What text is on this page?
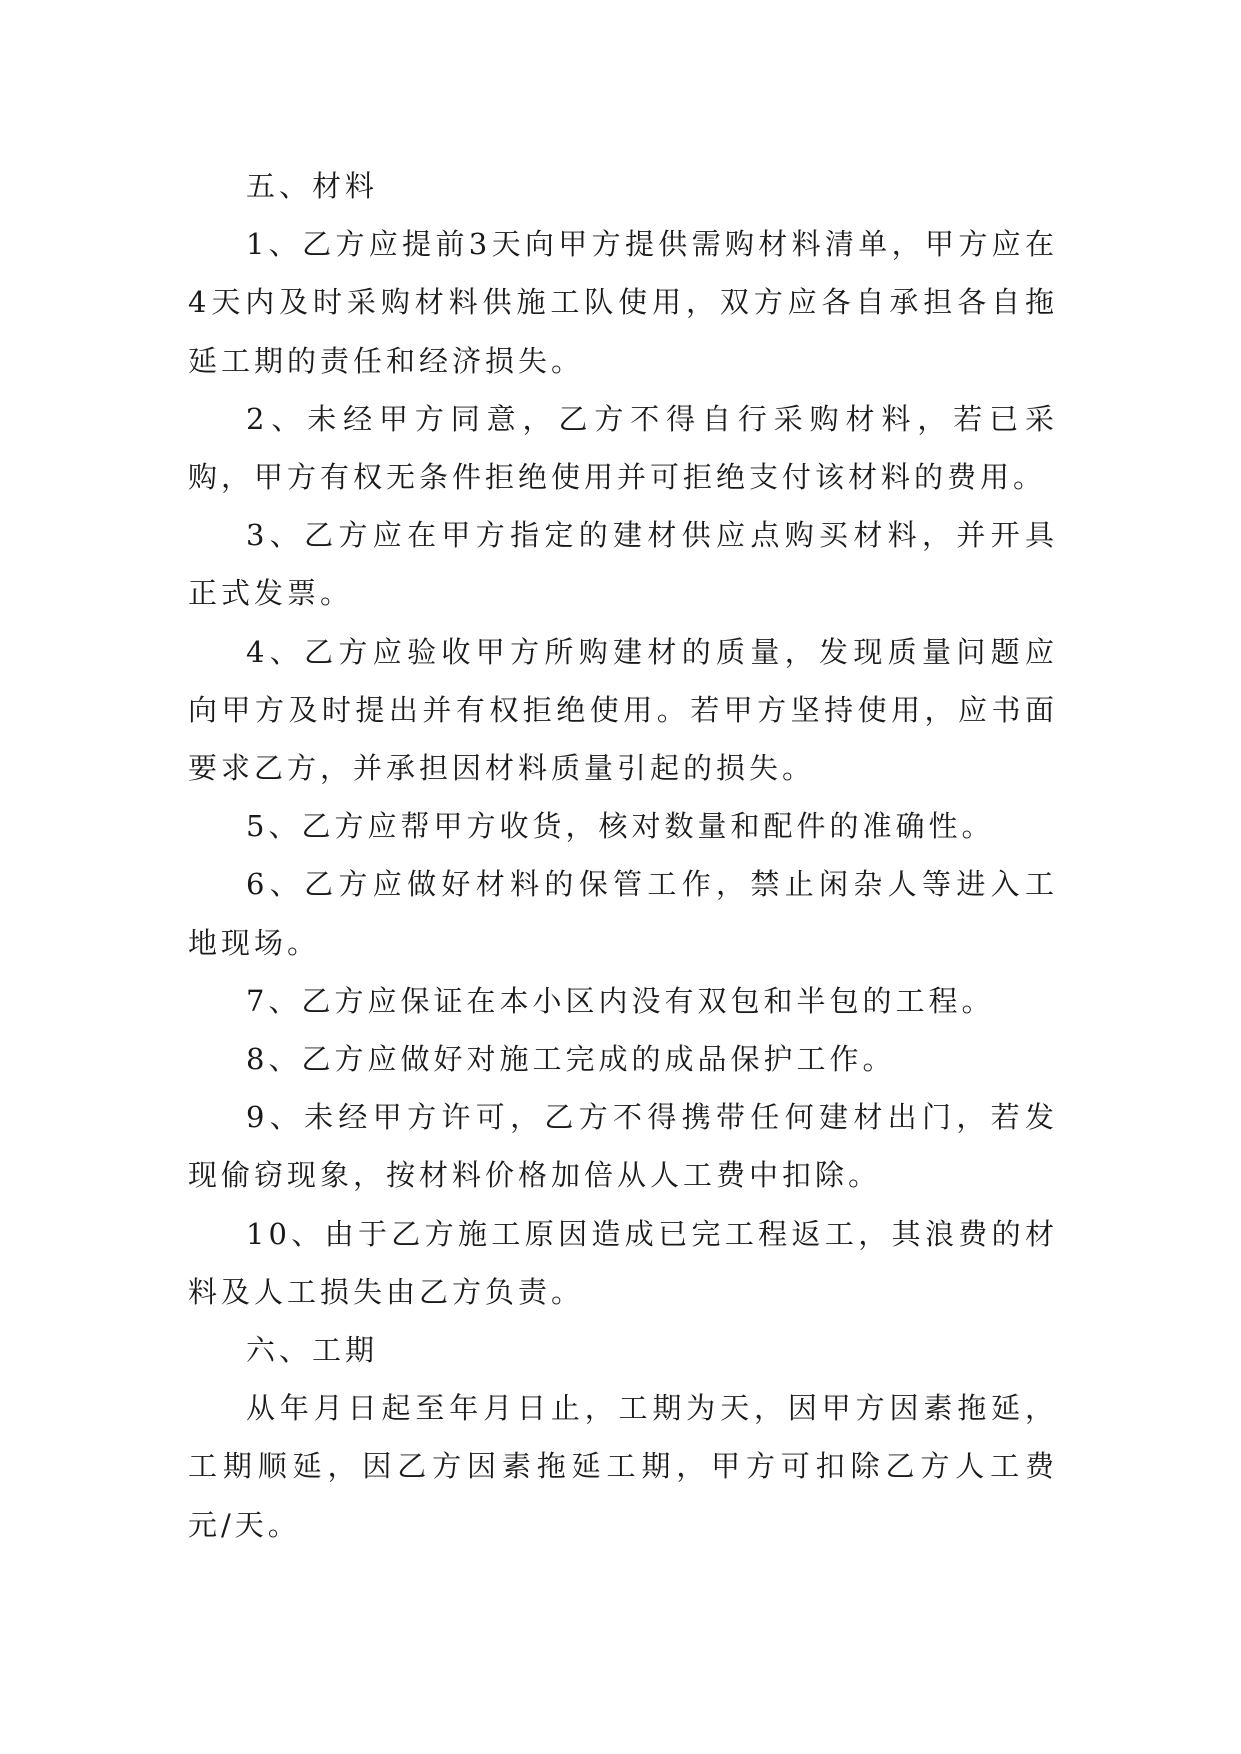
五、材料

1、乙方应提前3天向甲方提供需购材料清单，甲方应在4天内及时采购材料供施工队使用，双方应各自承担各自拖延工期的责任和经济损失。

2、未经甲方同意，乙方不得自行采购材料，若已采购，甲方有权无条件拒绝使用并可拒绝支付该材料的费用。

3、乙方应在甲方指定的建材供应点购买材料，并开具正式发票。

4、乙方应验收甲方所购建材的质量，发现质量问题应向甲方及时提出并有权拒绝使用。若甲方坚持使用，应书面要求乙方，并承担因材料质量引起的损失。

5、乙方应帮甲方收货，核对数量和配件的准确性。

6、乙方应做好材料的保管工作，禁止闲杂人等进入工地现场。

7、乙方应保证在本小区内没有双包和半包的工程。

8、乙方应做好对施工完成的成品保护工作。

9、未经甲方许可，乙方不得携带任何建材出门，若发现偷窃现象，按材料价格加倍从人工费中扣除。

10、由于乙方施工原因造成已完工程返工，其浪费的材料及人工损失由乙方负责。

六、工期

从年月日起至年月日止，工期为天，因甲方因素拖延，工期顺延，因乙方因素拖延工期，甲方可扣除乙方人工费元/天。
